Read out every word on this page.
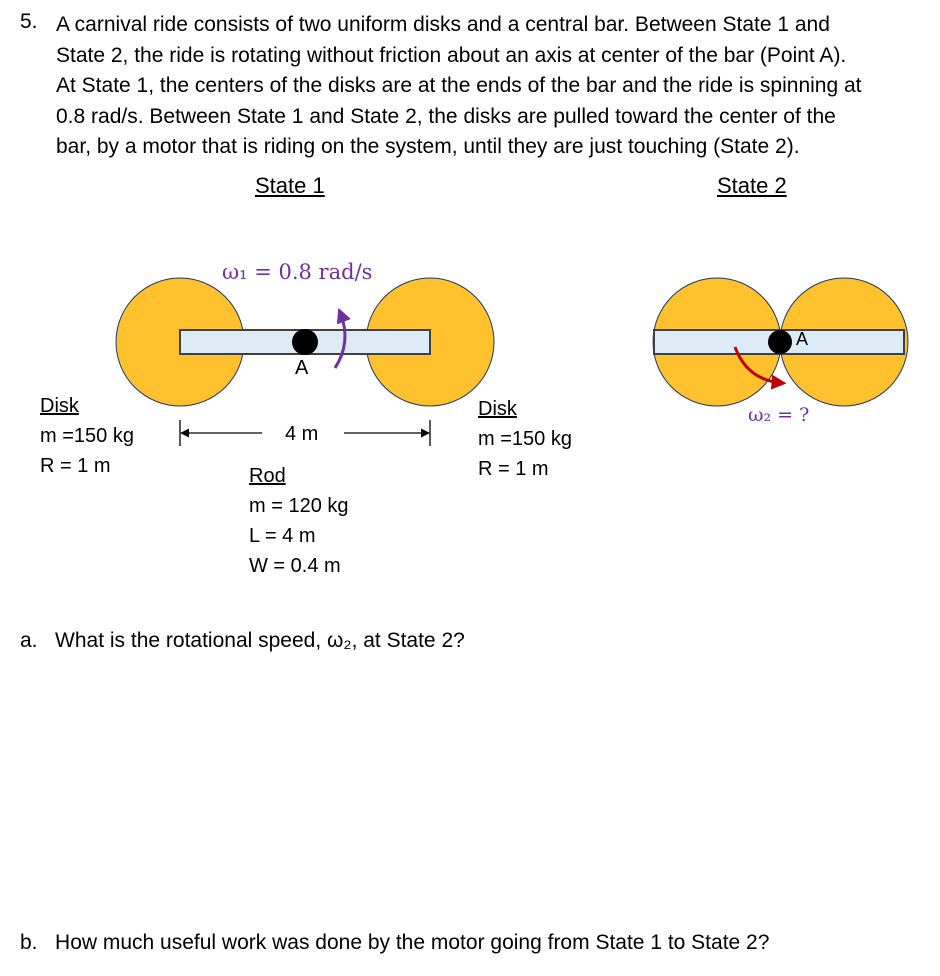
5. A carnival ride consists of two uniform disks and a central bar. Between State 1 and
State 2, the ride is rotating without friction about an axis at center of the bar (Point A).
At State 1, the centers of the disks are at the ends of the bar and the ride is spinning at
0.8 rad/s. Between State 1 and State 2, the disks are pulled toward the center of the
bar, by a motor that is riding on the system, until they are just touching (State 2).
State 1	State 2
ω₁ = 0.8 rad/s
A
4 m
Disk
m =150 kg
R = 1 m
Disk
m =150 kg
R = 1 m
Rod
m = 120 kg
L = 4 m
W = 0.4 m
A
ω₂ = ?
a. What is the rotational speed, ω₂, at State 2?
b. How much useful work was done by the motor going from State 1 to State 2?
